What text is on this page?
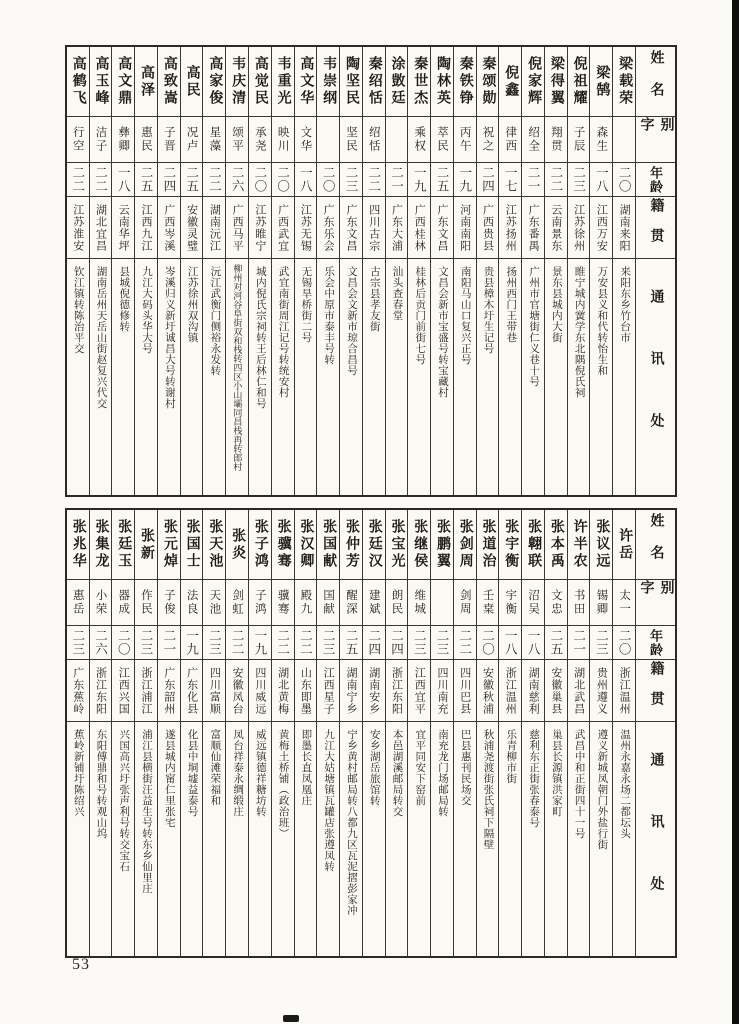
姓名
别字
年龄
籍贯
通讯处
梁载荣
二〇
湖南来阳
来阳东乡竹台市
梁鹄
森生
一八
江西万安
万安县义和代转怡生和
倪祖耀
子辰
二三
江苏徐州
睢宁城内黉学东北隅倪氏祠
梁得翼
翔贯
二二
云南景东
景东县城内大街
倪家辉
绍全
二一
广东番禺
广州市官塘街仁义巷十号
倪鑫
律西
一七
江苏扬州
扬州西门王带巷
秦颂勋
祝之
二四
广西贵县
贵县樟木圩生记号
秦铁铮
丙午
一九
河南南阳
南阳马山口复兴正号
陶林英
萃民
二五
广东文昌
文昌会新市宝盛号转宝藏村
秦世杰
乘权
一九
广西桂林
桂林后贡门前街七号
涂敳廷
二一
广东大浦
汕头查春堂
秦绍恬
绍恬
二二
四川古宗
古宗县孝友街
陶坚民
坚民
二三
广东文昌
文昌会文新市琼合昌号
韦崇纲
二〇
广东乐会
乐会中原市泰丰号转
高文华
文华
一八
江苏无锡
无锡旱桥街二号
韦重光
映川
二〇
广西武宜
武宜南街周江记号转统安村
高觉民
承尧
二〇
江苏睢宁
城内倪氏宗祠转王后林仁和号
韦庆清
颂平
二六
广西马平
柳州对河谷阜街双和栈转四区小山壩同昌栈再转郎村
高家俊
星藻
二二
湖南沅江
沅江武衡门侧裕永发转
高民
况卢
二五
安徽灵璧
江苏徐州双沟镇
高致嵩
子晋
二四
广西岑溪
岑溪归义新圩诚昌大号转谢村
高泽
惠民
二五
江西九江
九江大码头华大号
高文鼎
彝卿
一八
云南华坪
县城倪德修转
高玉峰
洁子
二二
湖北宜昌
湖南岳州天岳山街赵复兴代交
高鹤飞
行空
二二
江苏淮安
钦江镇转陈治平交
姓名
别字
年龄
籍贯
通讯处
许岳
太一
二〇
浙江温州
温州永嘉永场二都坛头
张议远
锡卿
二三
贵州遵义
遵义新城凤朝门外盐行街
许半农
书田
二一
湖北武昌
武昌中和正街四十一号
张本禹
文忠
二五
安徽巢县
巢县长源镇洪家町
张翺联
沼吴
一八
湖南慈利
慈利东正街张春泰号
张宇衡
宇衡
一八
浙江温州
乐青柳市街
张道治
壬枽
二〇
安徽秋浦
秋浦尧渡街张氏祠下隔壁
张剑周
剑周
二二
四川巴县
巴县惠刊民场交
张鹏翼
二三
四川南充
南充龙门场邮局转
张继侯
维城
二三
江西宜平
宜平同安下窑前
张宝光
朗民
二四
浙江东阳
本邑湖溪邮局转交
张廷汉
建斌
二四
湖南安乡
安乡湖岳旅馆转
张仲芳
醒深
二五
湖南宁乡
宁乡黄村邮局转八都九区瓦泥摺彭家冲
张国献
国献
二三
江西星子
九江大姑塘镇瓦罐店张遵凤转
张汉卿
殿九
二二
山东即墨
即墨长直凤凰庄
张骥骞
骥骞
二二
湖北黄梅
黄梅土桥铺（政治班）
张子鸿
子鸿
一九
四川威远
威远镇德祥糖坊转
张炎
剑虹
二二
安徽凤台
凤台祥泰永绸缎庄
张天池
天池
二三
四川富顺
富顺仙滩荣福和
张国士
法良
一九
广东化县
化县中垌墟益泰号
张元焯
子俊
二一
广东韶州
遂县城内甯仁里张宅
张新
作民
二三
浙江浦江
浦江县横街汪益生号转东乡仙里庄
张廷玉
器成
二〇
江西兴国
兴国高兴圩张声利号转交宝石
张集龙
小荣
二六
浙江东阳
东阳傅鼎和号转观山坞
张兆华
惠岳
二三
广东蕉岭
蕉岭新铺圩陈绍兴
53
